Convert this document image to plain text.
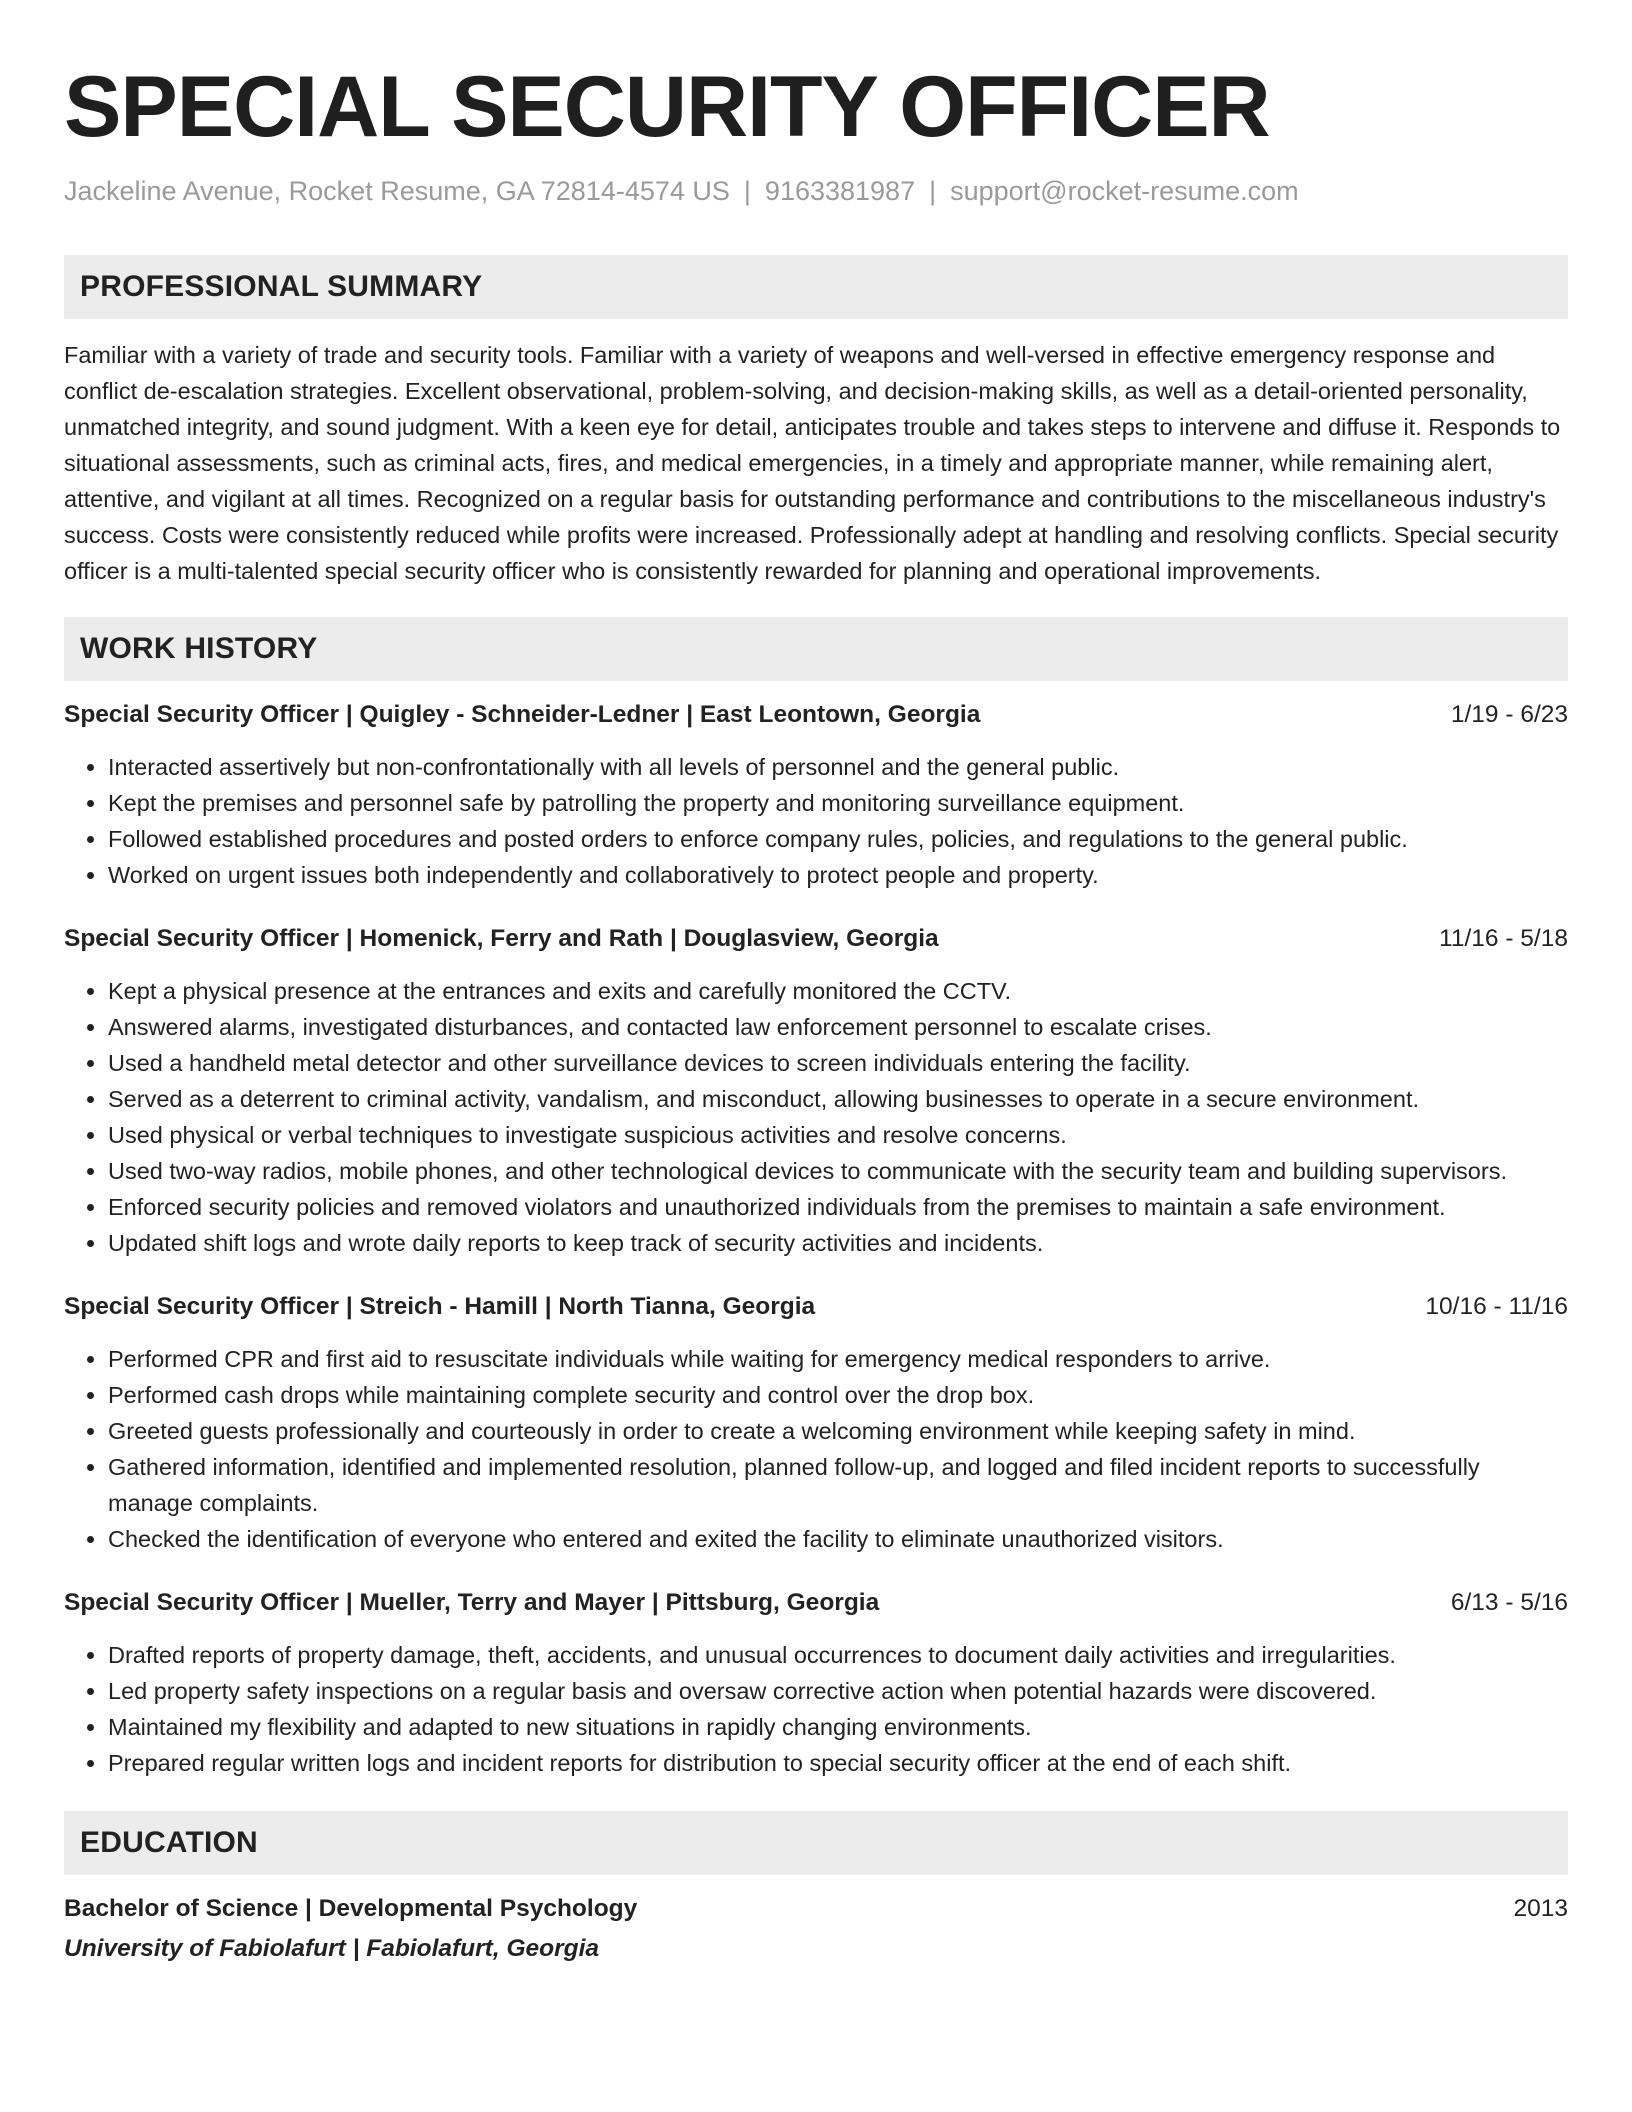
SPECIAL SECURITY OFFICER
Jackeline Avenue, Rocket Resume, GA 72814-4574 US | 9163381987 | support@rocket-resume.com
PROFESSIONAL SUMMARY
Familiar with a variety of trade and security tools. Familiar with a variety of weapons and well-versed in effective emergency response and conflict de-escalation strategies. Excellent observational, problem-solving, and decision-making skills, as well as a detail-oriented personality, unmatched integrity, and sound judgment. With a keen eye for detail, anticipates trouble and takes steps to intervene and diffuse it. Responds to situational assessments, such as criminal acts, fires, and medical emergencies, in a timely and appropriate manner, while remaining alert, attentive, and vigilant at all times. Recognized on a regular basis for outstanding performance and contributions to the miscellaneous industry's success. Costs were consistently reduced while profits were increased. Professionally adept at handling and resolving conflicts. Special security officer is a multi-talented special security officer who is consistently rewarded for planning and operational improvements.
WORK HISTORY
Special Security Officer | Quigley - Schneider-Ledner | East Leontown, Georgia	1/19 - 6/23
• Interacted assertively but non-confrontationally with all levels of personnel and the general public.
• Kept the premises and personnel safe by patrolling the property and monitoring surveillance equipment.
• Followed established procedures and posted orders to enforce company rules, policies, and regulations to the general public.
• Worked on urgent issues both independently and collaboratively to protect people and property.
Special Security Officer | Homenick, Ferry and Rath | Douglasview, Georgia	11/16 - 5/18
• Kept a physical presence at the entrances and exits and carefully monitored the CCTV.
• Answered alarms, investigated disturbances, and contacted law enforcement personnel to escalate crises.
• Used a handheld metal detector and other surveillance devices to screen individuals entering the facility.
• Served as a deterrent to criminal activity, vandalism, and misconduct, allowing businesses to operate in a secure environment.
• Used physical or verbal techniques to investigate suspicious activities and resolve concerns.
• Used two-way radios, mobile phones, and other technological devices to communicate with the security team and building supervisors.
• Enforced security policies and removed violators and unauthorized individuals from the premises to maintain a safe environment.
• Updated shift logs and wrote daily reports to keep track of security activities and incidents.
Special Security Officer | Streich - Hamill | North Tianna, Georgia	10/16 - 11/16
• Performed CPR and first aid to resuscitate individuals while waiting for emergency medical responders to arrive.
• Performed cash drops while maintaining complete security and control over the drop box.
• Greeted guests professionally and courteously in order to create a welcoming environment while keeping safety in mind.
• Gathered information, identified and implemented resolution, planned follow-up, and logged and filed incident reports to successfully manage complaints.
• Checked the identification of everyone who entered and exited the facility to eliminate unauthorized visitors.
Special Security Officer | Mueller, Terry and Mayer | Pittsburg, Georgia	6/13 - 5/16
• Drafted reports of property damage, theft, accidents, and unusual occurrences to document daily activities and irregularities.
• Led property safety inspections on a regular basis and oversaw corrective action when potential hazards were discovered.
• Maintained my flexibility and adapted to new situations in rapidly changing environments.
• Prepared regular written logs and incident reports for distribution to special security officer at the end of each shift.
EDUCATION
Bachelor of Science | Developmental Psychology	2013
University of Fabiolafurt | Fabiolafurt, Georgia
